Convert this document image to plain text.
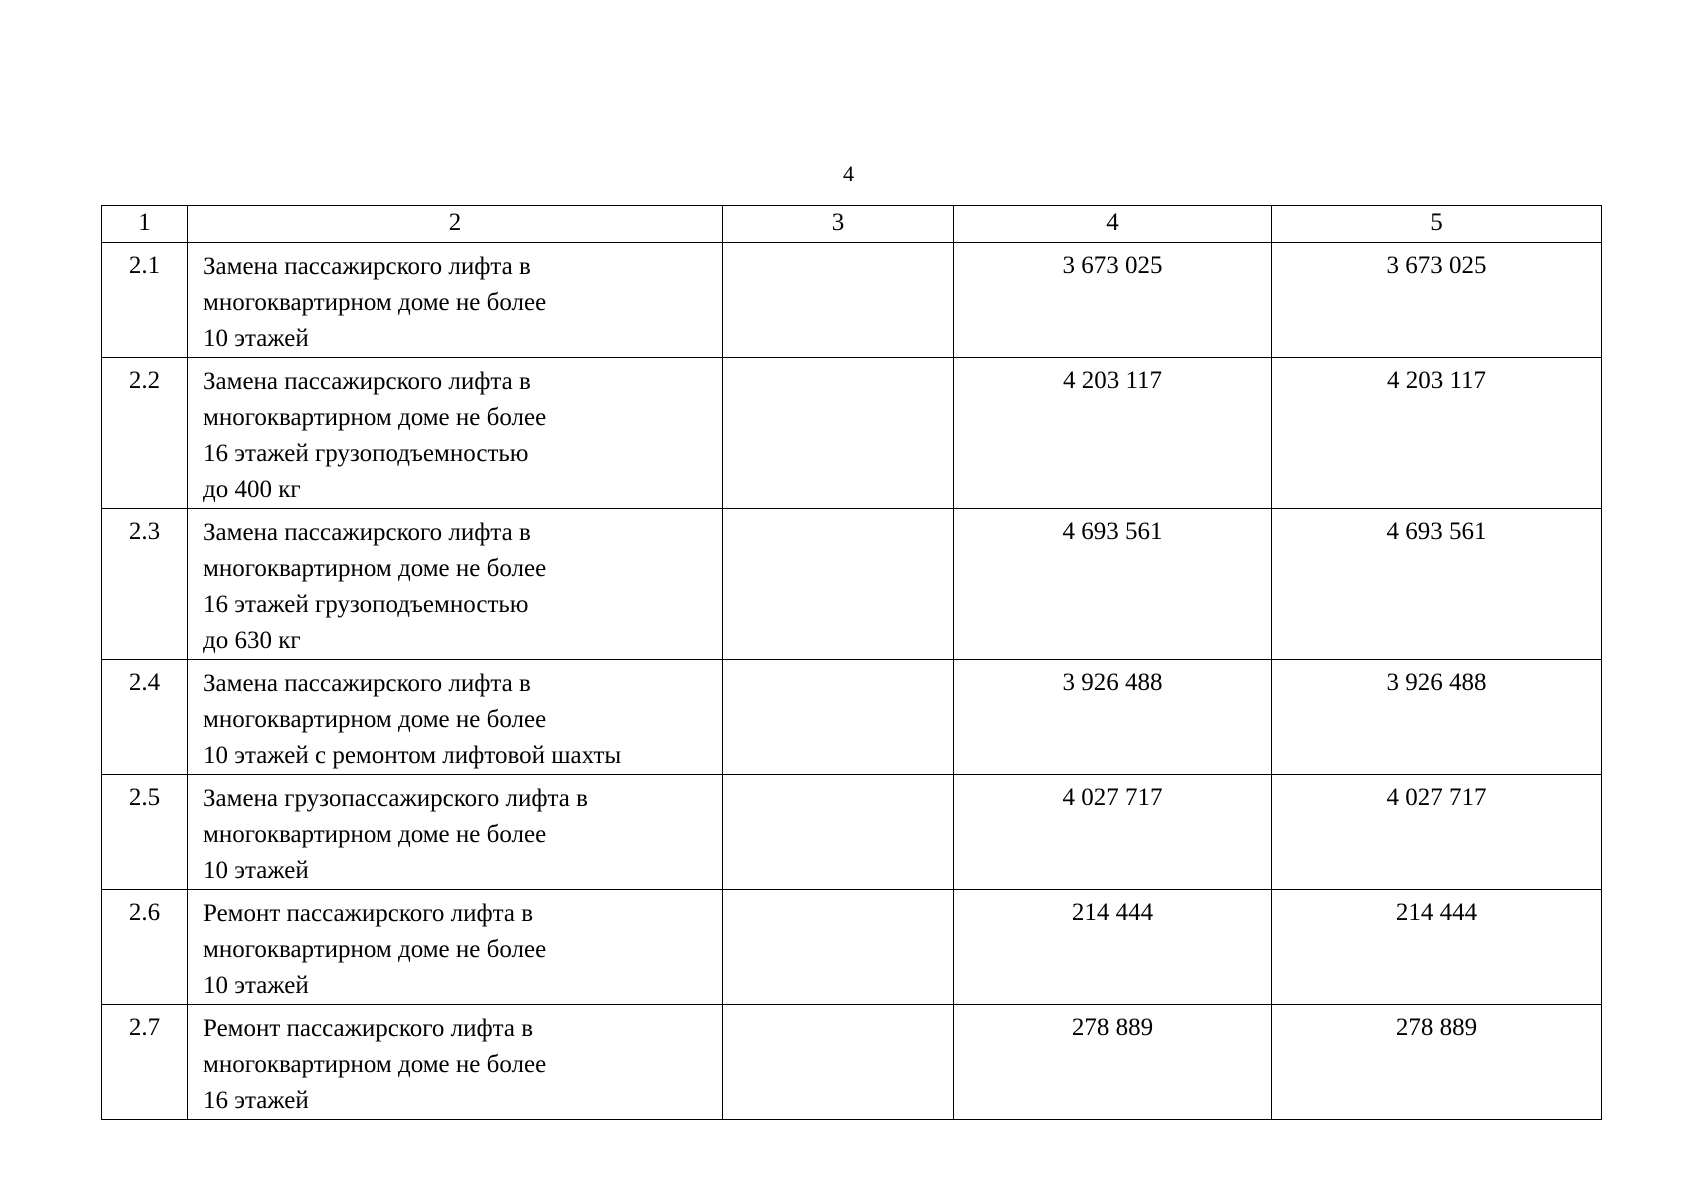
4
1	2	3	4	5
2.1	Замена пассажирского лифта в
многоквартирном доме не более
10 этажей		3 673 025	3 673 025
2.2	Замена пассажирского лифта в
многоквартирном доме не более
16 этажей грузоподъемностью
до 400 кг		4 203 117	4 203 117
2.3	Замена пассажирского лифта в
многоквартирном доме не более
16 этажей грузоподъемностью
до 630 кг		4 693 561	4 693 561
2.4	Замена пассажирского лифта в
многоквартирном доме не более
10 этажей с ремонтом лифтовой шахты		3 926 488	3 926 488
2.5	Замена грузопассажирского лифта в
многоквартирном доме не более
10 этажей		4 027 717	4 027 717
2.6	Ремонт пассажирского лифта в
многоквартирном доме не более
10 этажей		214 444	214 444
2.7	Ремонт пассажирского лифта в
многоквартирном доме не более
16 этажей		278 889	278 889
